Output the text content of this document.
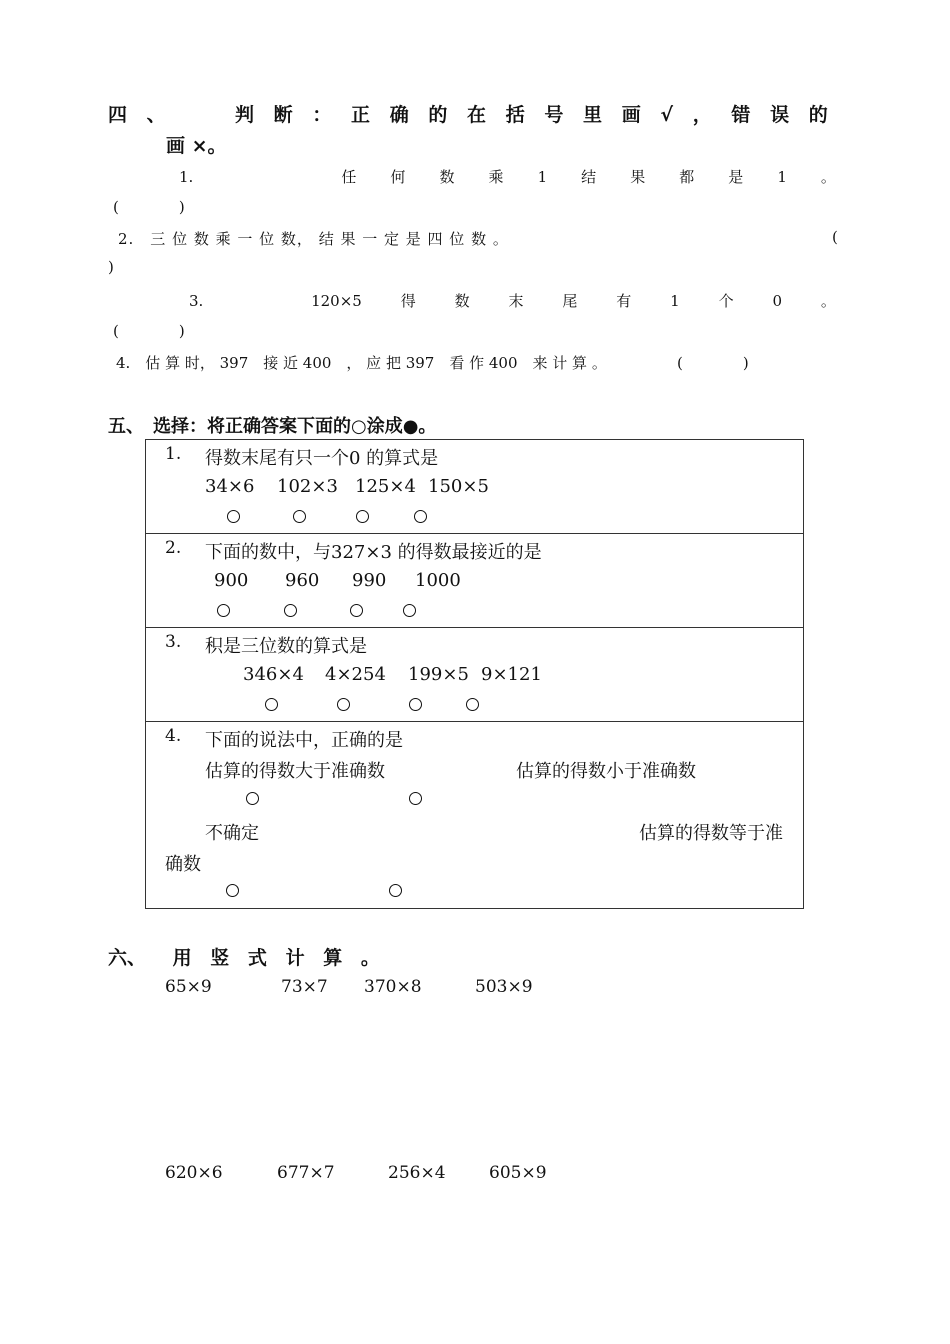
四 、	判 断 ： 正 确 的 在 括 号 里 画 √ ， 错 误 的
画 ×。
1.	任 何 数 乘 1 结 果 都 是 1 。
(　　　　)
2.　三 位 数 乘 一 位 数， 结 果 一 定 是 四 位 数 。	(
)
3.	120×5	得	数	末	尾	有	1	个	0	。
(　　　　)
4.　估 算 时， 397　接 近 400　， 应 把 397　看 作 400　来 计 算 。	(　　　　)
五、　选择：将正确答案下面的○涂成●。
1. 得数末尾有只一个0 的算式是
34×6 102×3 125×4 150×5
2. 下面的数中，与327×3 的得数最接近的是
900 960 990 1000
3. 积是三位数的算式是
346×4 4×254 199×5 9×121
4. 下面的说法中，正确的是
估算的得数大于准确数	估算的得数小于准确数
不确定	估算的得数等于准
确数
六、 用 竖 式 计 算 。
65×9	73×7 370×8	503×9
620×6	677×7	256×4	605×9
